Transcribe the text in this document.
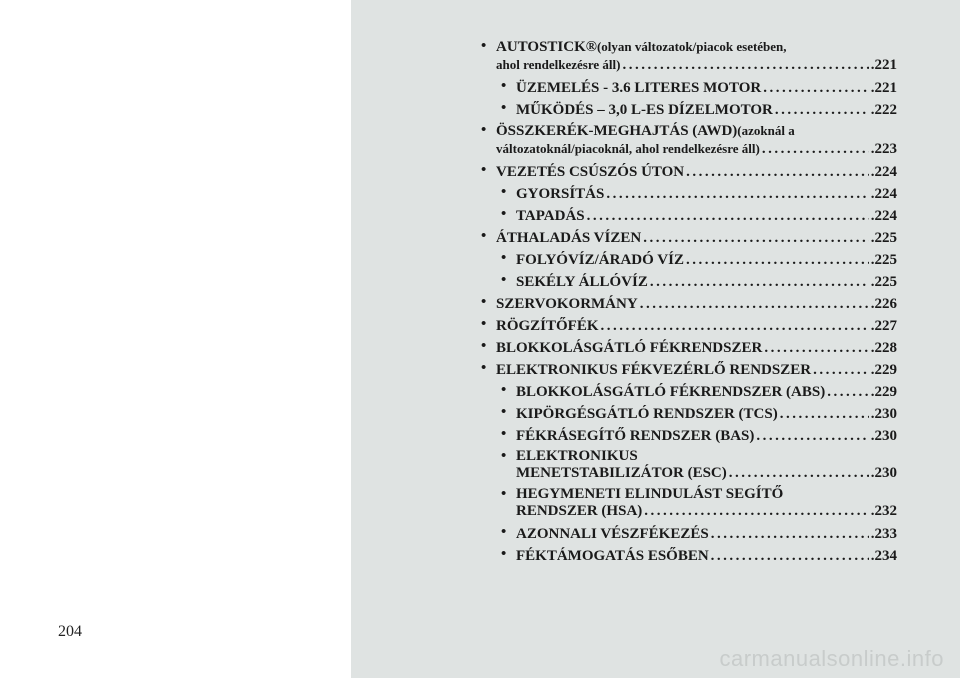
204
• AUTOSTICK® (olyan változatok/piacok esetében,
ahol rendelkezésre áll) .....	.221
• ÜZEMELÉS - 3.6 LITERES MOTOR .....	.221
• MŰKÖDÉS – 3,0 L-ES DÍZELMOTOR .....	.222
• ÖSSZKERÉK-MEGHAJTÁS (AWD) (azoknál a
változatoknál/piacoknál, ahol rendelkezésre áll) .....	.223
• VEZETÉS CSÚSZÓS ÚTON .....	.224
• GYORSÍTÁS .....	.224
• TAPADÁS .....	.224
• ÁTHALADÁS VÍZEN .....	.225
• FOLYÓVÍZ/ÁRADÓ VÍZ .....	.225
• SEKÉLY ÁLLÓVÍZ .....	.225
• SZERVOKORMÁNY .....	.226
• RÖGZÍTŐFÉK .....	.227
• BLOKKOLÁSGÁTLÓ FÉKRENDSZER .....	.228
• ELEKTRONIKUS FÉKVEZÉRLŐ RENDSZER .....	.229
• BLOKKOLÁSGÁTLÓ FÉKRENDSZER (ABS) .....	.229
• KIPÖRGÉSGÁTLÓ RENDSZER (TCS) .....	.230
• FÉKRÁSEGÍTŐ RENDSZER (BAS) .....	.230
• ELEKTRONIKUS
MENETSTABILIZÁTOR (ESC) .....	.230
• HEGYMENETI ELINDULÁST SEGÍTŐ
RENDSZER (HSA) .....	.232
• AZONNALI VÉSZFÉKEZÉS .....	.233
• FÉKTÁMOGATÁS ESŐBEN .....	.234
carmanualsonline.info
